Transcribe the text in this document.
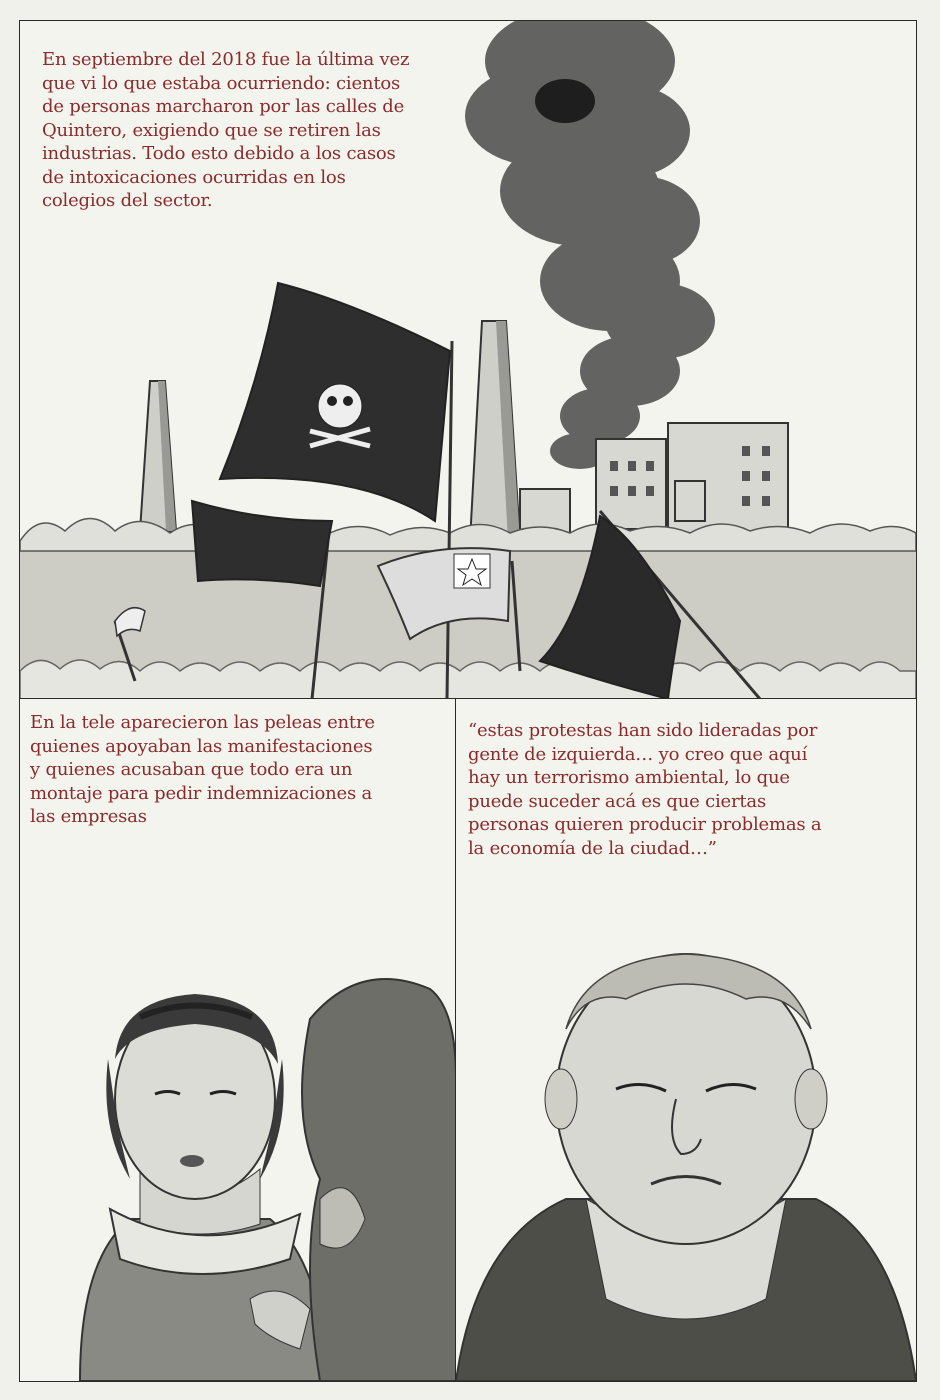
En septiembre del 2018 fue la última vez
que vi lo que estaba ocurriendo: cientos
de personas marcharon por las calles de
Quintero, exigiendo que se retiren las
industrias. Todo esto debido a los casos
de intoxicaciones ocurridas en los
colegios del sector.

En la tele aparecieron las peleas entre
quienes apoyaban las manifestaciones
y quienes acusaban que todo era un
montaje para pedir indemnizaciones a
las empresas

“estas protestas han sido lideradas por
gente de izquierda… yo creo que aquí
hay un terrorismo ambiental, lo que
puede suceder acá es que ciertas
personas quieren producir problemas a
la economía de la ciudad…”
